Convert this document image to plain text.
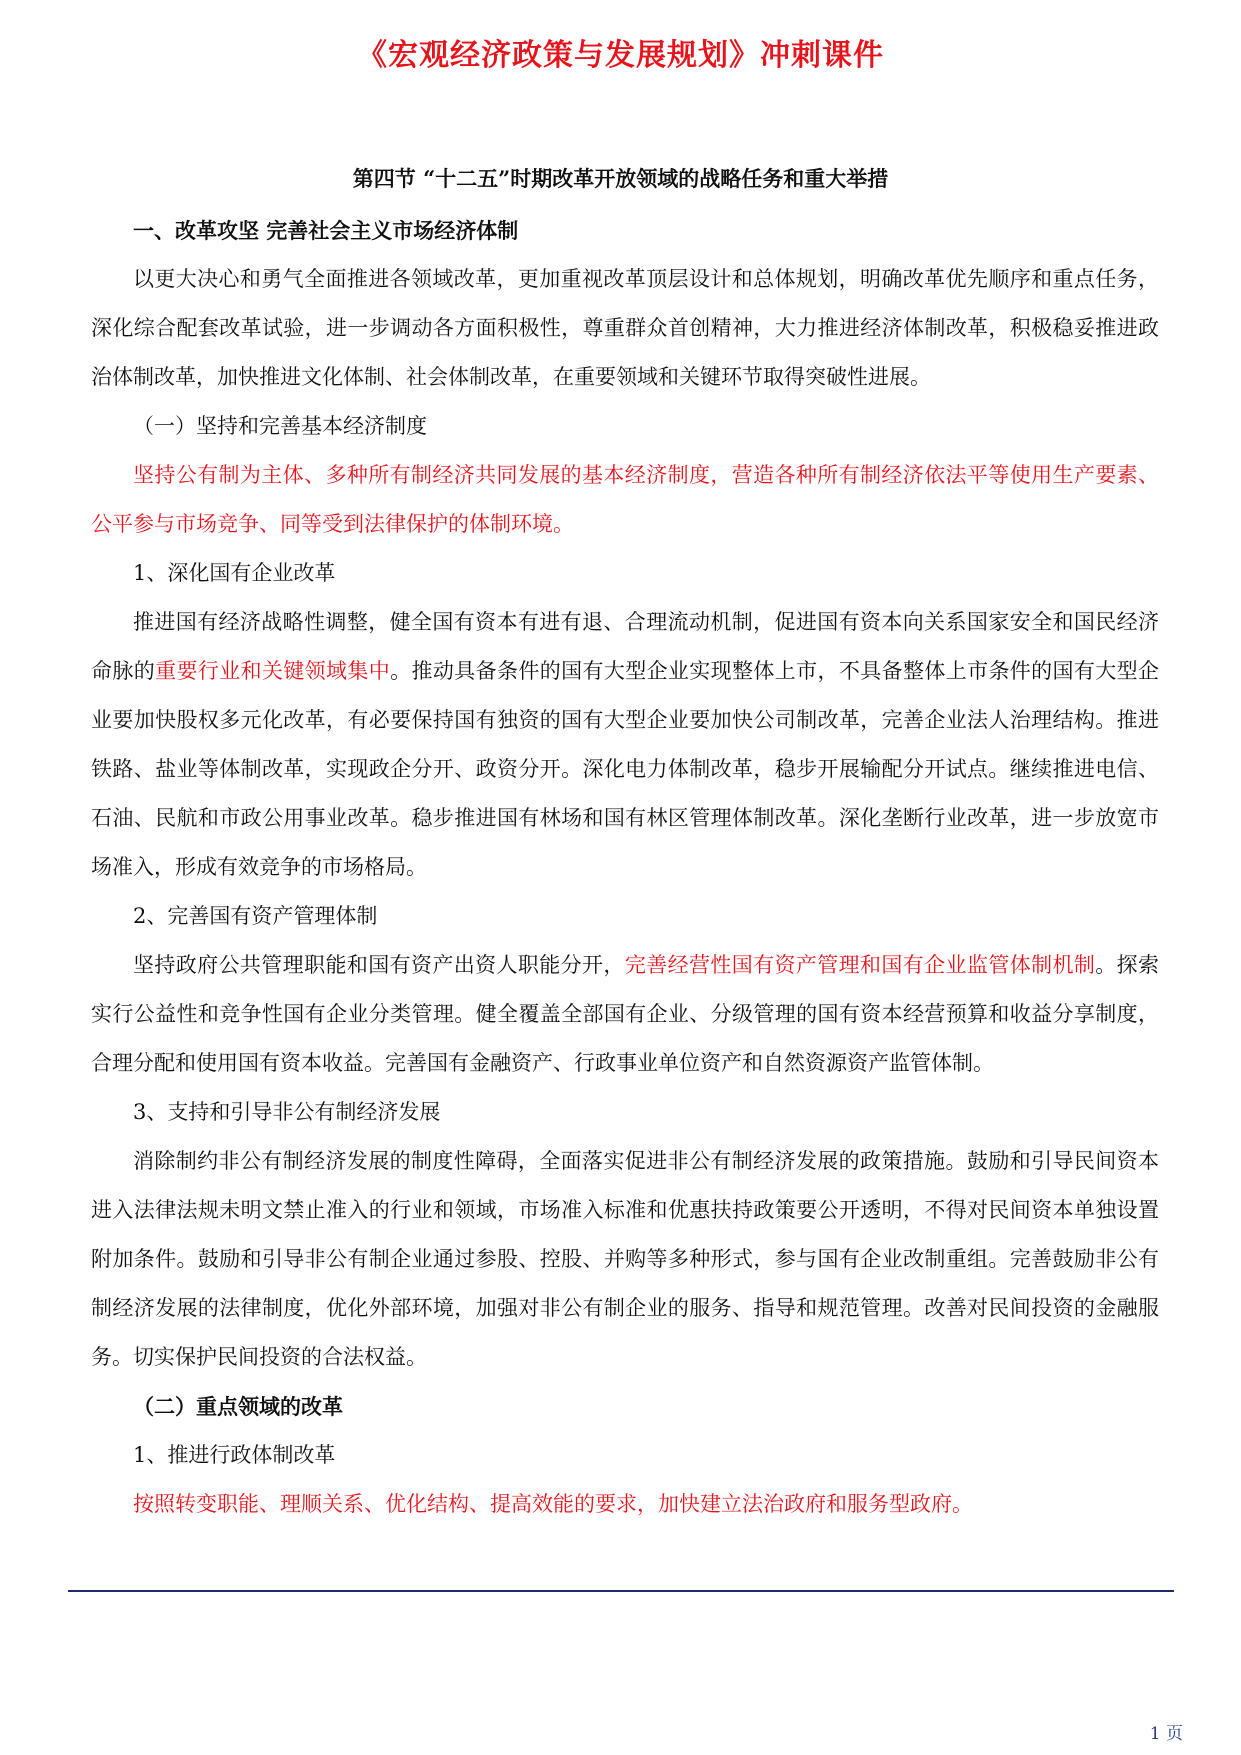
《宏观经济政策与发展规划》冲刺课件
第四节 “十二五”时期改革开放领域的战略任务和重大举措

一、改革攻坚 完善社会主义市场经济体制

以更大决心和勇气全面推进各领域改革，更加重视改革顶层设计和总体规划，明确改革优先顺序和重点任务，深化综合配套改革试验，进一步调动各方面积极性，尊重群众首创精神，大力推进经济体制改革，积极稳妥推进政治体制改革，加快推进文化体制、社会体制改革，在重要领域和关键环节取得突破性进展。

（一）坚持和完善基本经济制度

坚持公有制为主体、多种所有制经济共同发展的基本经济制度，营造各种所有制经济依法平等使用生产要素、公平参与市场竞争、同等受到法律保护的体制环境。

1、深化国有企业改革

推进国有经济战略性调整，健全国有资本有进有退、合理流动机制，促进国有资本向关系国家安全和国民经济命脉的重要行业和关键领域集中。推动具备条件的国有大型企业实现整体上市，不具备整体上市条件的国有大型企业要加快股权多元化改革，有必要保持国有独资的国有大型企业要加快公司制改革，完善企业法人治理结构。推进铁路、盐业等体制改革，实现政企分开、政资分开。深化电力体制改革，稳步开展输配分开试点。继续推进电信、石油、民航和市政公用事业改革。稳步推进国有林场和国有林区管理体制改革。深化垄断行业改革，进一步放宽市场准入，形成有效竞争的市场格局。

2、完善国有资产管理体制

坚持政府公共管理职能和国有资产出资人职能分开，完善经营性国有资产管理和国有企业监管体制机制。探索实行公益性和竞争性国有企业分类管理。健全覆盖全部国有企业、分级管理的国有资本经营预算和收益分享制度，合理分配和使用国有资本收益。完善国有金融资产、行政事业单位资产和自然资源资产监管体制。

3、支持和引导非公有制经济发展

消除制约非公有制经济发展的制度性障碍，全面落实促进非公有制经济发展的政策措施。鼓励和引导民间资本进入法律法规未明文禁止准入的行业和领域，市场准入标准和优惠扶持政策要公开透明，不得对民间资本单独设置附加条件。鼓励和引导非公有制企业通过参股、控股、并购等多种形式，参与国有企业改制重组。完善鼓励非公有制经济发展的法律制度，优化外部环境，加强对非公有制企业的服务、指导和规范管理。改善对民间投资的金融服务。切实保护民间投资的合法权益。

（二）重点领域的改革

1、推进行政体制改革

按照转变职能、理顺关系、优化结构、提高效能的要求，加快建立法治政府和服务型政府。

1 页
